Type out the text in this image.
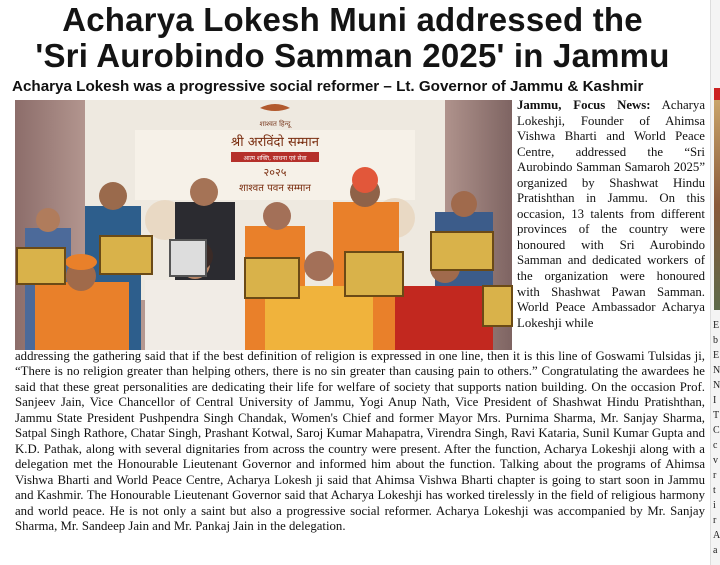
Acharya Lokesh Muni addressed the
'Sri Aurobindo Samman 2025' in Jammu
Acharya Lokesh was a progressive social reformer – Lt. Governor of Jammu & Kashmir
शाश्वत हिन्दू
श्री अरविंदो सम्मान
आत्म शक्ति, साधना एवं सेवा
२०२५
शाश्वत पवन सम्मान
Jammu, Focus News: Acharya Lokeshji, Founder of Ahimsa Vishwa Bharti and World Peace Centre, addressed the “Sri Aurobindo Samman Samaroh 2025” organized by Shashwat Hindu Pratishthan in Jammu. On this occasion, 13 talents from different provinces of the country were honoured with Sri Aurobindo Samman and dedicated workers of the organization were honoured with Shashwat Pawan Samman. World Peace Ambassador Acharya Lokeshji while
addressing the gathering said that if the best definition of religion is expressed in one line, then it is this line of Goswami Tulsidas ji, “There is no religion greater than helping others, there is no sin greater than causing pain to others.” Congratulating the awardees he said that these great personalities are dedicating their life for welfare of society that supports nation building. On the occasion Prof. Sanjeev Jain, Vice Chancellor of Central University of Jammu, Yogi Anup Nath, Vice President of Shashwat Hindu Pratishthan, Jammu State President Pushpendra Singh Chandak, Women's Chief and former Mayor Mrs. Purnima Sharma, Mr. Sanjay Sharma, Satpal Singh Rathore, Chatar Singh, Prashant Kotwal, Saroj Kumar Mahapatra, Virendra Singh, Ravi Kataria, Sunil Kumar Gupta and K.D. Pathak, along with several dignitaries from across the country were present. After the function, Acharya Lokeshji along with a delegation met the Honourable Lieutenant Governor and informed him about the function. Talking about the programs of Ahimsa Vishwa Bharti and World Peace Centre, Acharya Lokesh ji said that Ahimsa Vishwa Bharti chapter is going to start soon in Jammu and Kashmir. The Honourable Lieutenant Governor said that Acharya Lokeshji has worked tirelessly in the field of religious harmony and world peace. He is not only a saint but also a progressive social reformer. Acharya Lokeshji was accompanied by Mr. Sanjay Sharma, Mr. Sandeep Jain and Mr. Pankaj Jain in the delegation.
E
b
E
N
N
I
T
C
c
v
r
t
i
r
A
a
